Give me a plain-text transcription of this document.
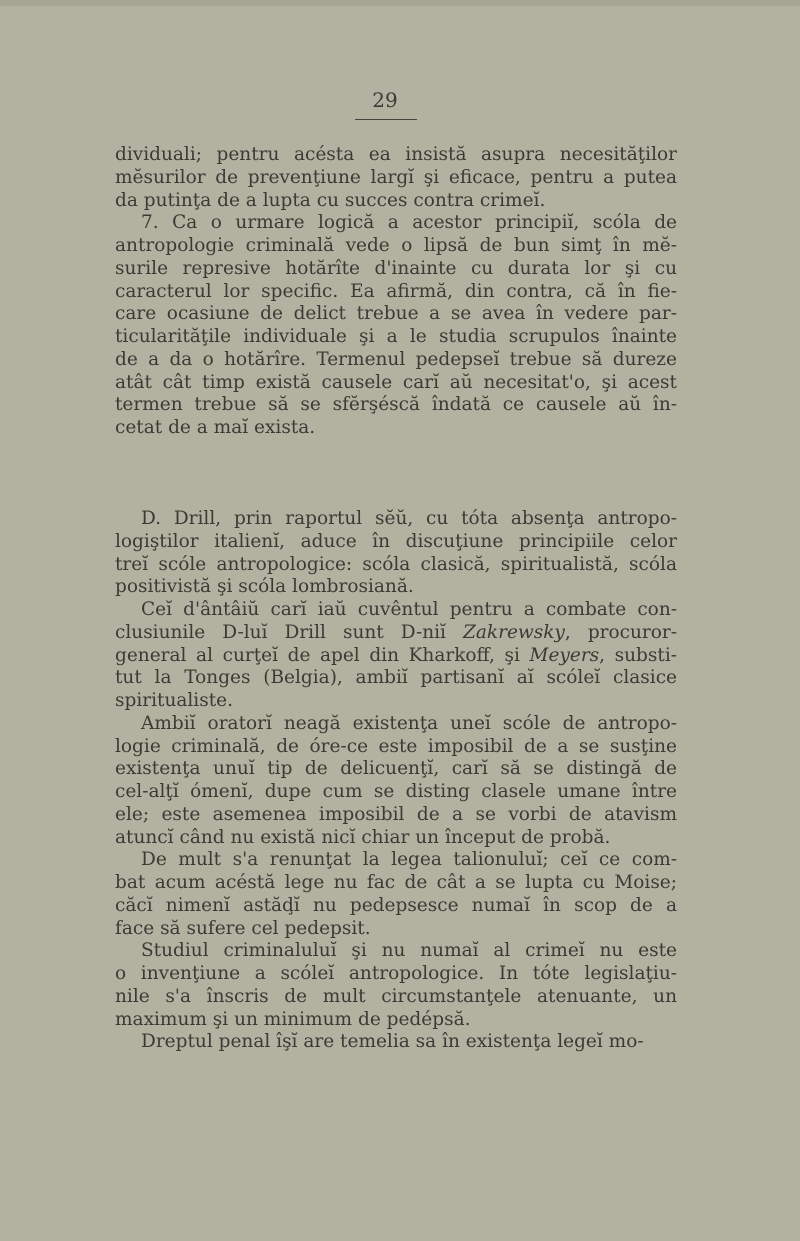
29
dividuali; pentru acésta ea insistă asupra necesităţilor
mĕsurilor de prevenţiune largĭ şi eficace, pentru a putea
da putinţa de a lupta cu succes contra crimeĭ.
7. Ca o urmare logică a acestor principiĭ, scóla de
antropologie criminală vede o lipsă de bun simţ în mĕ-
surile represive hotărîte d'inainte cu durata lor şi cu
caracterul lor specific. Ea afirmă, din contra, că în fie-
care ocasiune de delict trebue a se avea în vedere par-
ticularităţile individuale şi a le studia scrupulos înainte
de a da o hotărîre. Termenul pedepseĭ trebue să dureze
atât cât timp există causele carĭ aŭ necesitat'o, şi acest
termen trebue să se sfĕrşéscă îndată ce causele aŭ în-
cetat de a maĭ exista.
D. Drill, prin raportul sĕŭ, cu tóta absenţa antropo-
logiştilor italienĭ, aduce în discuţiune principiile celor
treĭ scóle antropologice: scóla clasică, spiritualistă, scóla
positivistă şi scóla lombrosiană.
Ceĭ d'ântâiŭ carĭ iaŭ cuvêntul pentru a combate con-
clusiunile D-luĭ Drill sunt D-niĭ Zakrewsky, procuror-
general al curţeĭ de apel din Kharkoff, şi Meyers, substi-
tut la Tonges (Belgia), ambiĭ partisanĭ aĭ scóleĭ clasice
spiritualiste.
Ambiĭ oratorĭ neagă existenţa uneĭ scóle de antropo-
logie criminală, de óre-ce este imposibil de a se susţine
existenţa unuĭ tip de delicuenţĭ, carĭ să se distingă de
cel-alţĭ ómenĭ, dupe cum se disting clasele umane între
ele; este asemenea imposibil de a se vorbi de atavism
atuncĭ când nu există nicĭ chiar un început de probă.
De mult s'a renunţat la legea talionuluĭ; ceĭ ce com-
bat acum acéstă lege nu fac de cât a se lupta cu Moise;
căcĭ nimenĭ astăḑĭ nu pedepsesce numaĭ în scop de a
face să sufere cel pedepsit.
Studiul criminaluluĭ şi nu numaĭ al crimeĭ nu este
o invenţiune a scóleĭ antropologice. In tóte legislaţiu-
nile s'a înscris de mult circumstanţele atenuante, un
maximum şi un minimum de pedépsă.
Dreptul penal îşĭ are temelia sa în existenţa legeĭ mo-
